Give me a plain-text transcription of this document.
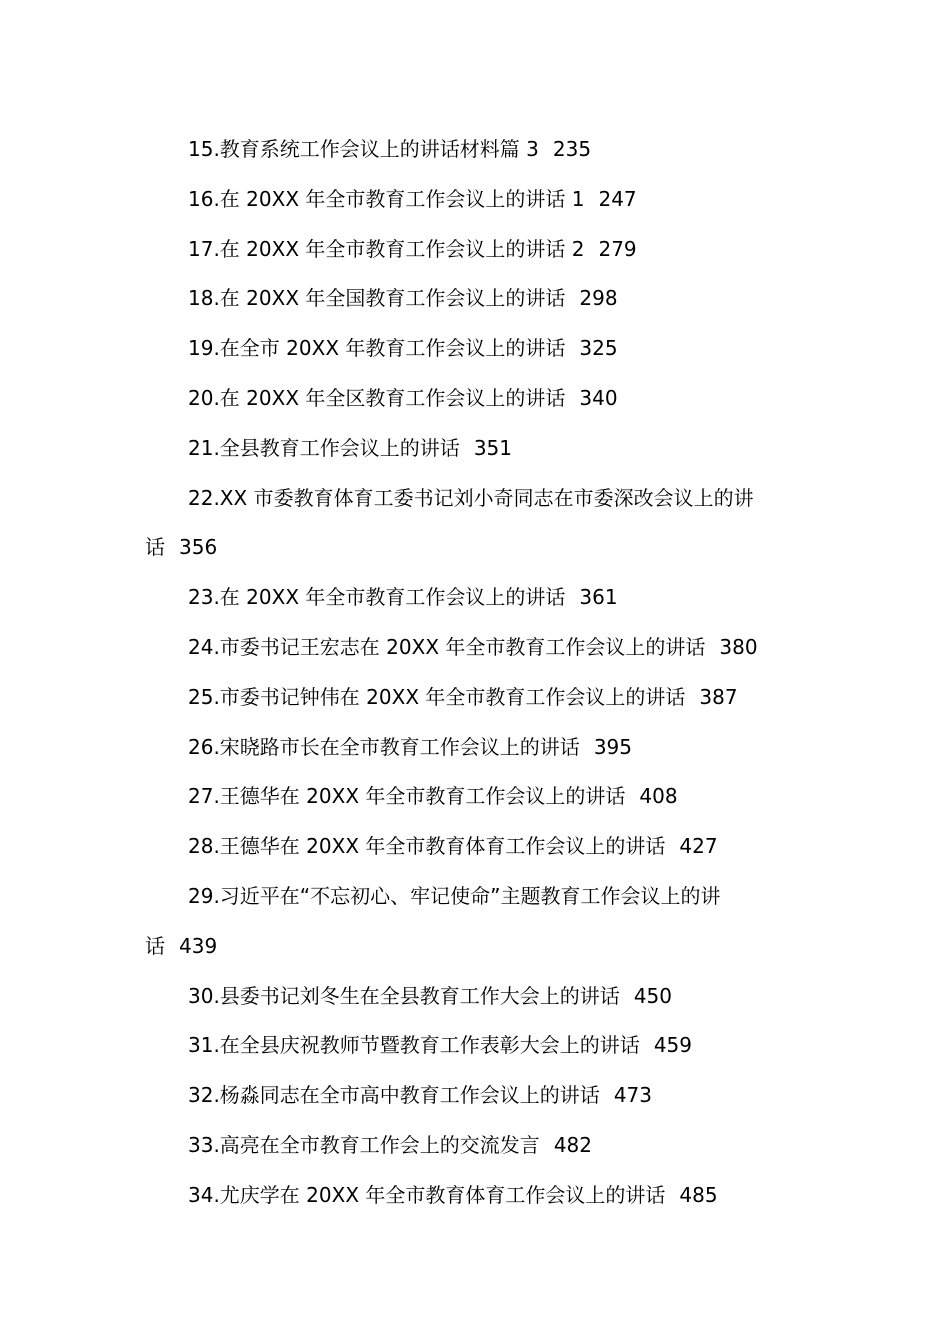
15.教育系统工作会议上的讲话材料篇 3 235
16.在 20XX 年全市教育工作会议上的讲话 1 247
17.在 20XX 年全市教育工作会议上的讲话 2 279
18.在 20XX 年全国教育工作会议上的讲话 298
19.在全市 20XX 年教育工作会议上的讲话 325
20.在 20XX 年全区教育工作会议上的讲话 340
21.全县教育工作会议上的讲话 351
22.XX 市委教育体育工委书记刘小奇同志在市委深改会议上的讲
话 356
23.在 20XX 年全市教育工作会议上的讲话 361
24.市委书记王宏志在 20XX 年全市教育工作会议上的讲话 380
25.市委书记钟伟在 20XX 年全市教育工作会议上的讲话 387
26.宋晓路市长在全市教育工作会议上的讲话 395
27.王德华在 20XX 年全市教育工作会议上的讲话 408
28.王德华在 20XX 年全市教育体育工作会议上的讲话 427
29.习近平在“不忘初心、牢记使命”主题教育工作会议上的讲
话 439
30.县委书记刘冬生在全县教育工作大会上的讲话 450
31.在全县庆祝教师节暨教育工作表彰大会上的讲话 459
32.杨淼同志在全市高中教育工作会议上的讲话 473
33.高亮在全市教育工作会上的交流发言 482
34.尤庆学在 20XX 年全市教育体育工作会议上的讲话 485
